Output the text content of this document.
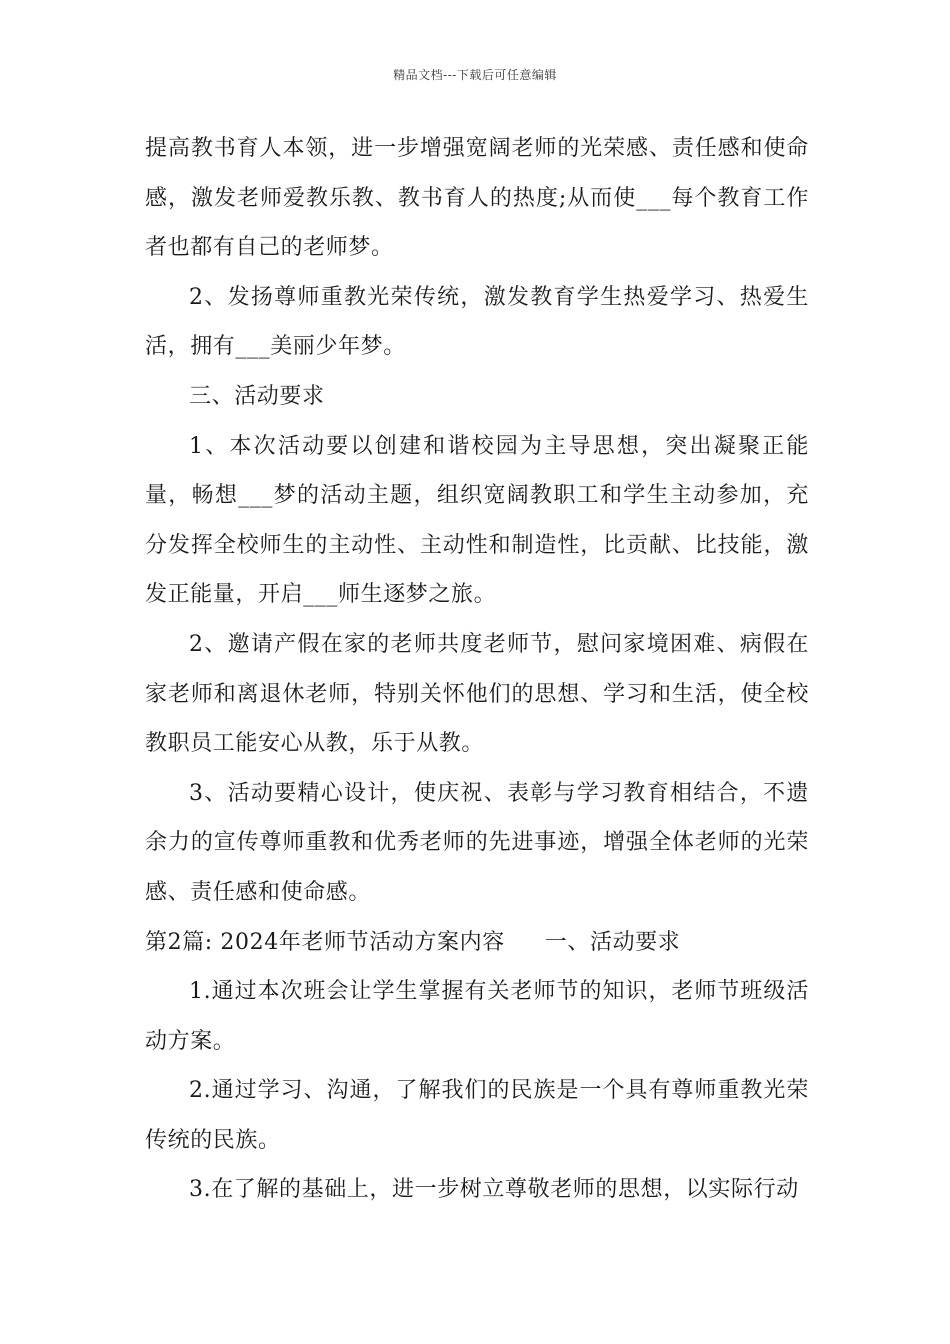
精品文档---下载后可任意编辑

提高教书育人本领，进一步增强宽阔老师的光荣感、责任感和使命感，激发老师爱教乐教、教书育人的热度;从而使___每个教育工作者也都有自己的老师梦。

2、发扬尊师重教光荣传统，激发教育学生热爱学习、热爱生活，拥有___美丽少年梦。

三、活动要求

1、本次活动要以创建和谐校园为主导思想，突出凝聚正能量，畅想___梦的活动主题，组织宽阔教职工和学生主动参加，充分发挥全校师生的主动性、主动性和制造性，比贡献、比技能，激发正能量，开启___师生逐梦之旅。

2、邀请产假在家的老师共度老师节，慰问家境困难、病假在家老师和离退休老师，特别关怀他们的思想、学习和生活，使全校教职员工能安心从教，乐于从教。

3、活动要精心设计，使庆祝、表彰与学习教育相结合，不遗余力的宣传尊师重教和优秀老师的先进事迹，增强全体老师的光荣感、责任感和使命感。

第2篇: 2024年老师节活动方案内容 一、活动要求

1.通过本次班会让学生掌握有关老师节的知识，老师节班级活动方案。

2.通过学习、沟通，了解我们的民族是一个具有尊师重教光荣传统的民族。

3.在了解的基础上，进一步树立尊敬老师的思想，以实际行动
